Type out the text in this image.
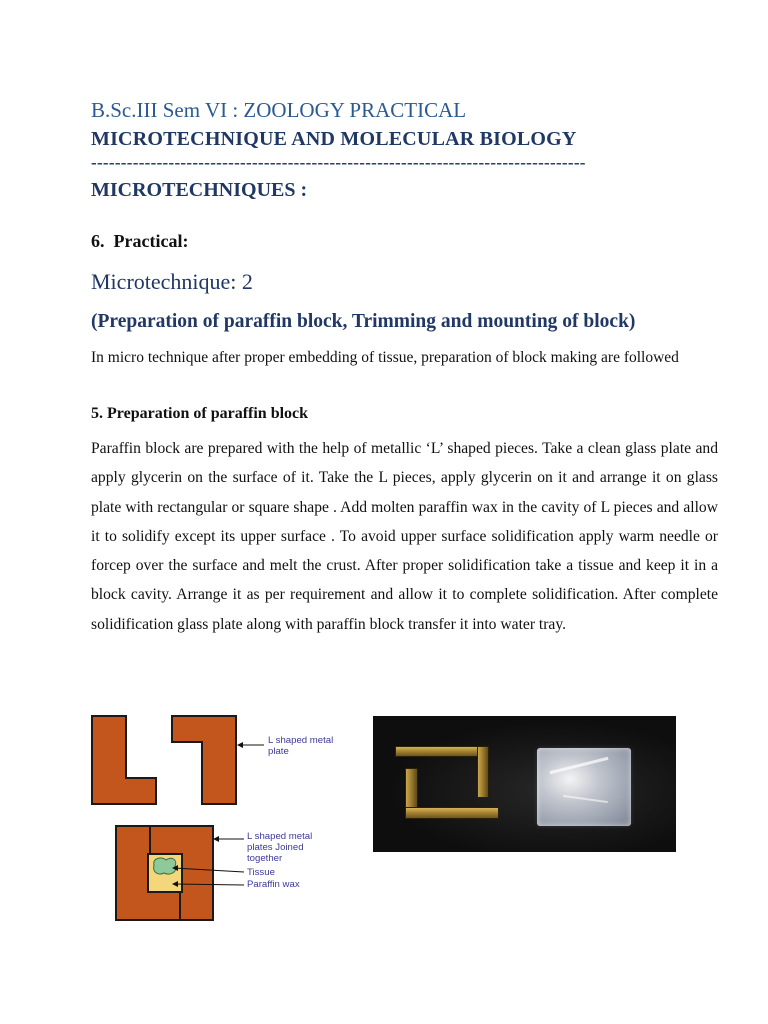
B.Sc.III Sem VI : ZOOLOGY PRACTICAL
MICROTECHNIQUE AND MOLECULAR BIOLOGY
-----------------------------------------------------------------------------------
MICROTECHNIQUES :
6.  Practical:
Microtechnique: 2
(Preparation of paraffin block, Trimming and mounting of block)
In micro technique after proper embedding of tissue, preparation of block making are followed
5. Preparation of paraffin block
Paraffin block are prepared with the help of metallic ‘L’ shaped pieces. Take a clean glass plate and apply glycerin on the surface of it. Take the L pieces, apply glycerin on it and arrange it on glass plate with rectangular or square shape . Add molten paraffin wax in the cavity of L pieces and allow it to solidify except its upper surface . To avoid upper surface solidification apply warm needle or forcep over the surface and melt the crust. After proper solidification take a tissue and keep it in a block cavity. Arrange it as per requirement and allow it to complete solidification. After complete solidification glass plate along with paraffin block transfer it into water tray.
L shaped metal
plate
L shaped metal
plates Joined
together
Tissue
Paraffin wax
